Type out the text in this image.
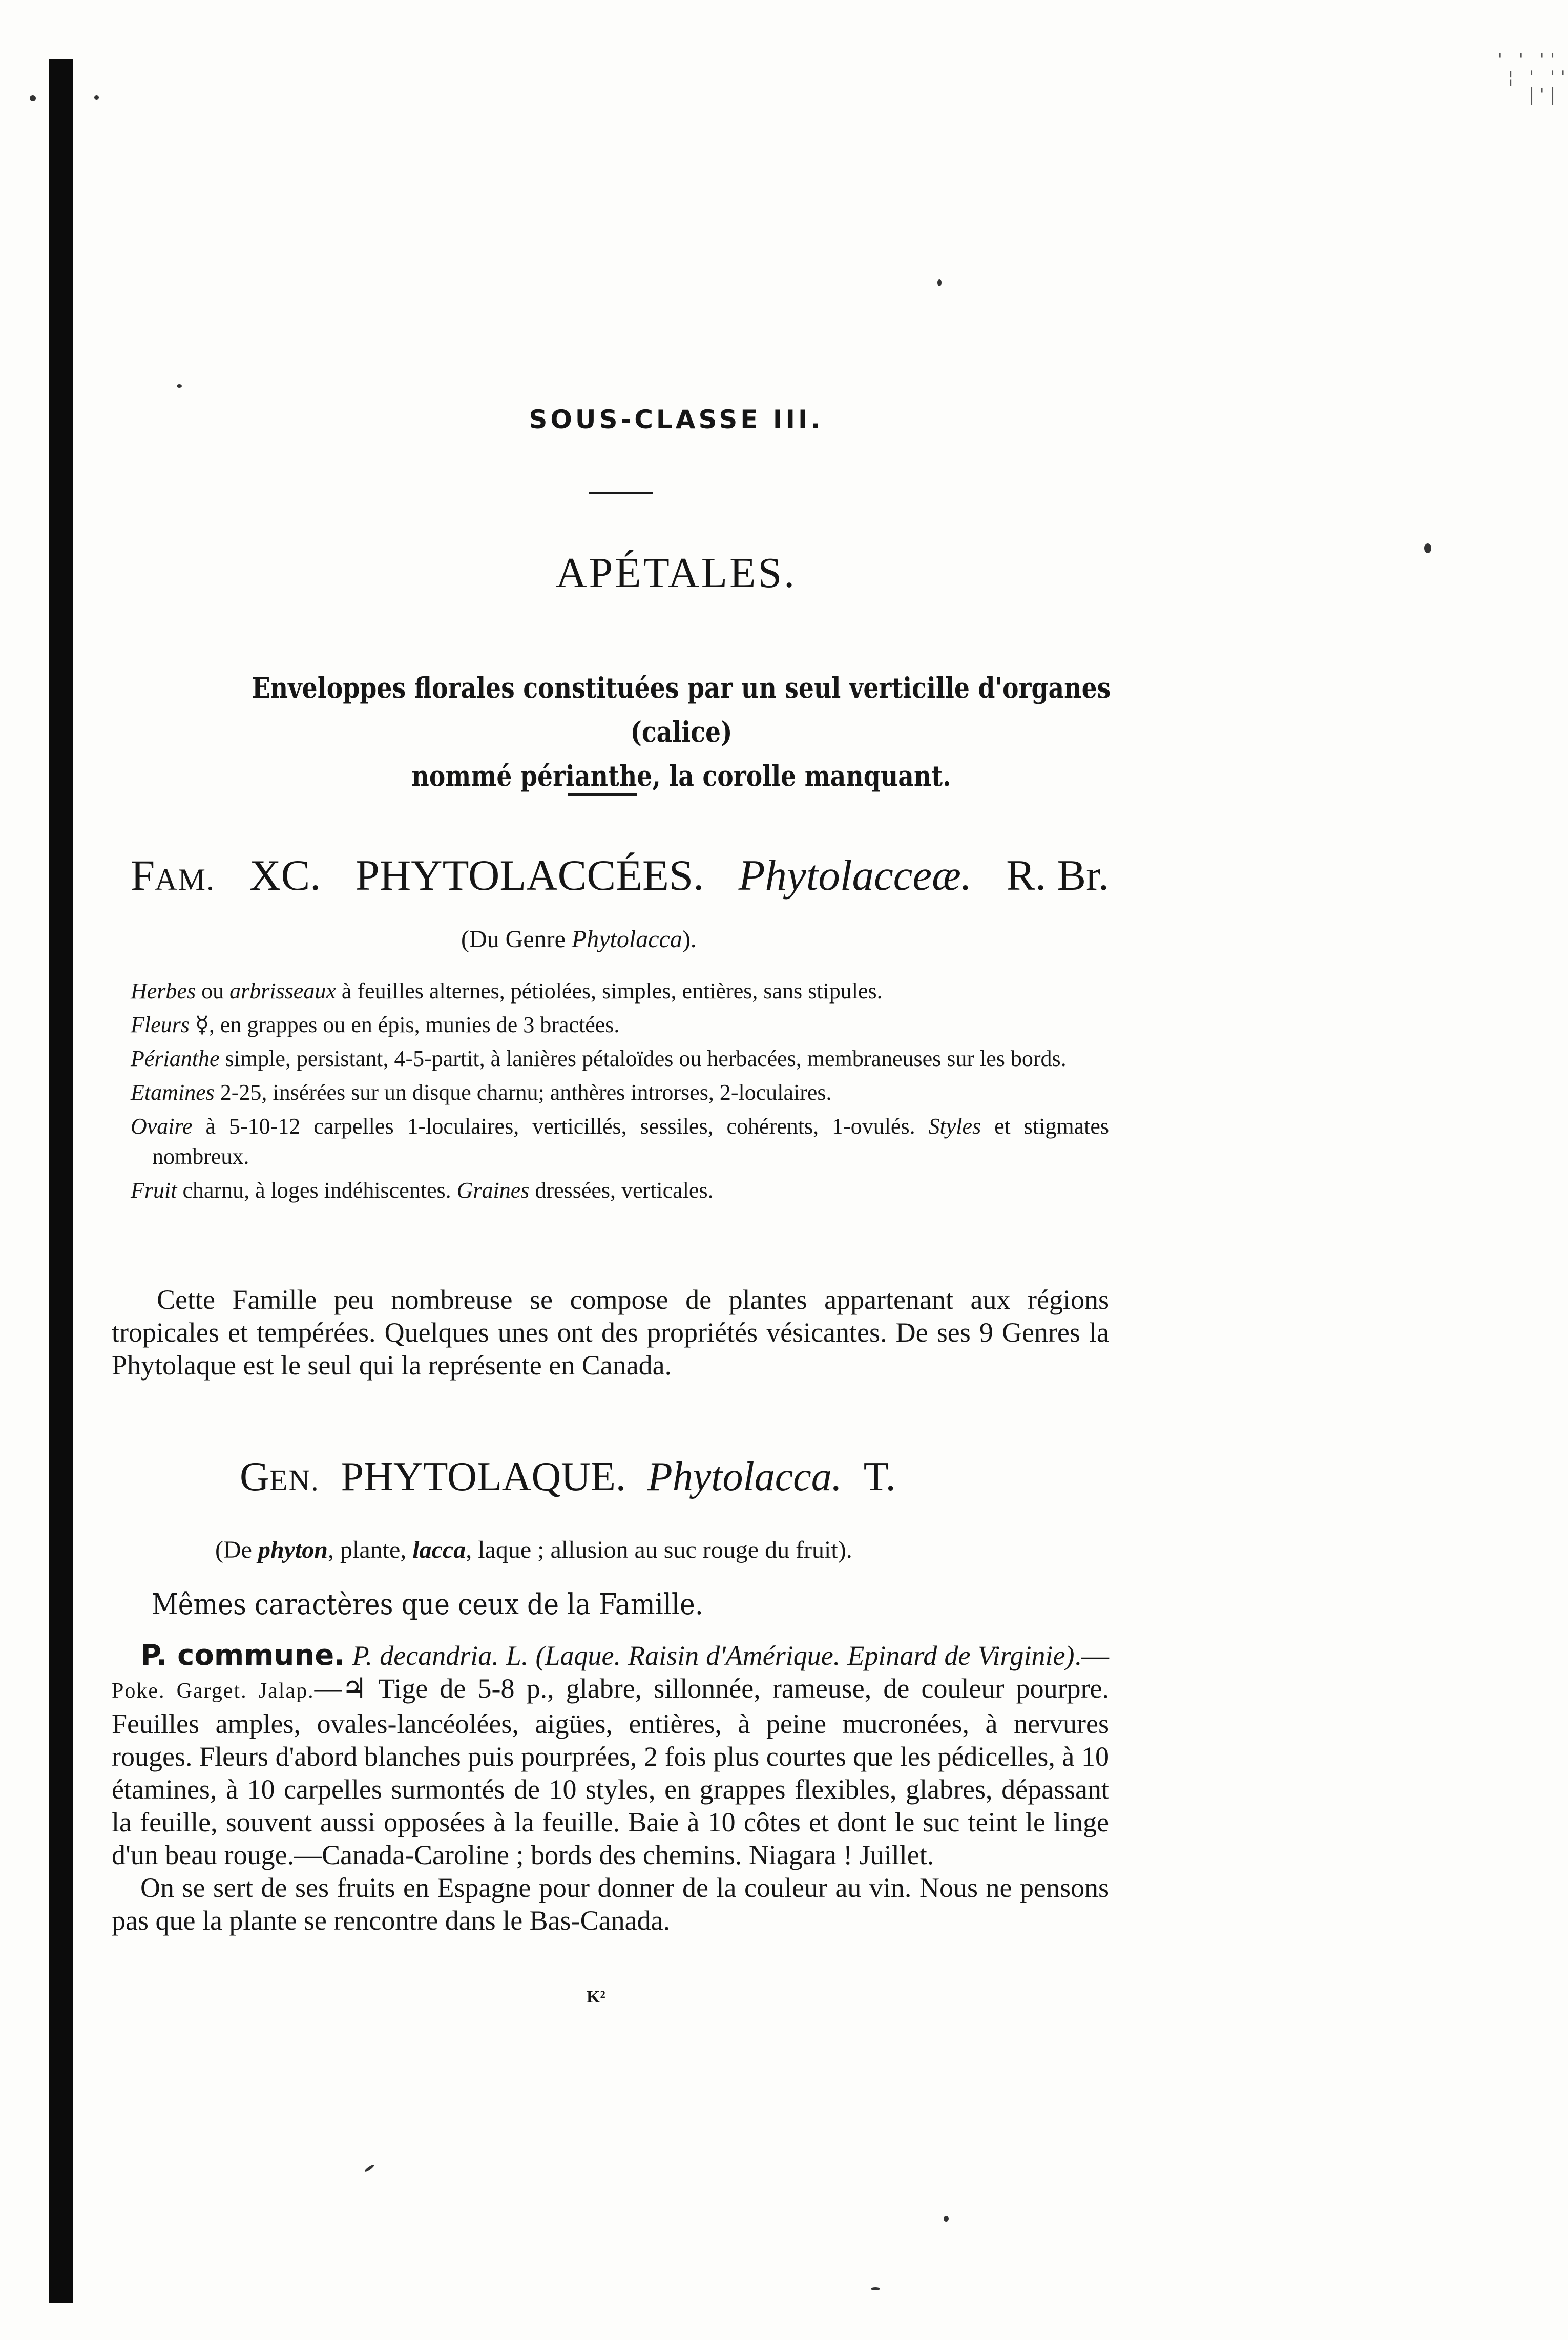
' ' ''
¦ ' ''
|'|
SOUS-CLASSE III.
APÉTALES.
Enveloppes florales constituées par un seul verticille d'organes (calice)
nommé périanthe, la corolle manquant.
FAM. XC. PHYTOLACCÉES. Phytolacceæ. R. Br.
(Du Genre Phytolacca).

Herbes ou arbrisseaux à feuilles alternes, pétiolées, simples, entières, sans stipules.

Fleurs ☿, en grappes ou en épis, munies de 3 bractées.

Périanthe simple, persistant, 4-5-partit, à lanières pétaloïdes ou herbacées, membraneuses sur les bords.

Etamines 2-25, insérées sur un disque charnu; anthères introrses, 2-loculaires.

Ovaire à 5-10-12 carpelles 1-loculaires, verticillés, sessiles, cohérents, 1-ovulés. Styles et stigmates nombreux.

Fruit charnu, à loges indéhiscentes. Graines dressées, verticales.

Cette Famille peu nombreuse se compose de plantes appartenant aux régions tropicales et tempérées. Quelques unes ont des propriétés vésicantes. De ses 9 Genres la Phytolaque est le seul qui la représente en Canada.

GEN. PHYTOLAQUE. Phytolacca. T.
(De phyton, plante, lacca, laque ; allusion au suc rouge du fruit).
Mêmes caractères que ceux de la Famille.

P. commune. P. decandria. L. (Laque. Raisin d'Amérique. Epinard de Virginie).—Poke. Garget. Jalap.—♃ Tige de 5-8 p., glabre, sillonnée, rameuse, de couleur pourpre. Feuilles amples, ovales-lancéolées, aigües, entières, à peine mucronées, à nervures rouges. Fleurs d'abord blanches puis pourprées, 2 fois plus courtes que les pédicelles, à 10 étamines, à 10 carpelles surmontés de 10 styles, en grappes flexibles, glabres, dépassant la feuille, souvent aussi opposées à la feuille. Baie à 10 côtes et dont le suc teint le linge d'un beau rouge.—Canada-Caroline ; bords des chemins. Niagara ! Juillet.

On se sert de ses fruits en Espagne pour donner de la couleur au vin. Nous ne pensons pas que la plante se rencontre dans le Bas-Canada.

K²
